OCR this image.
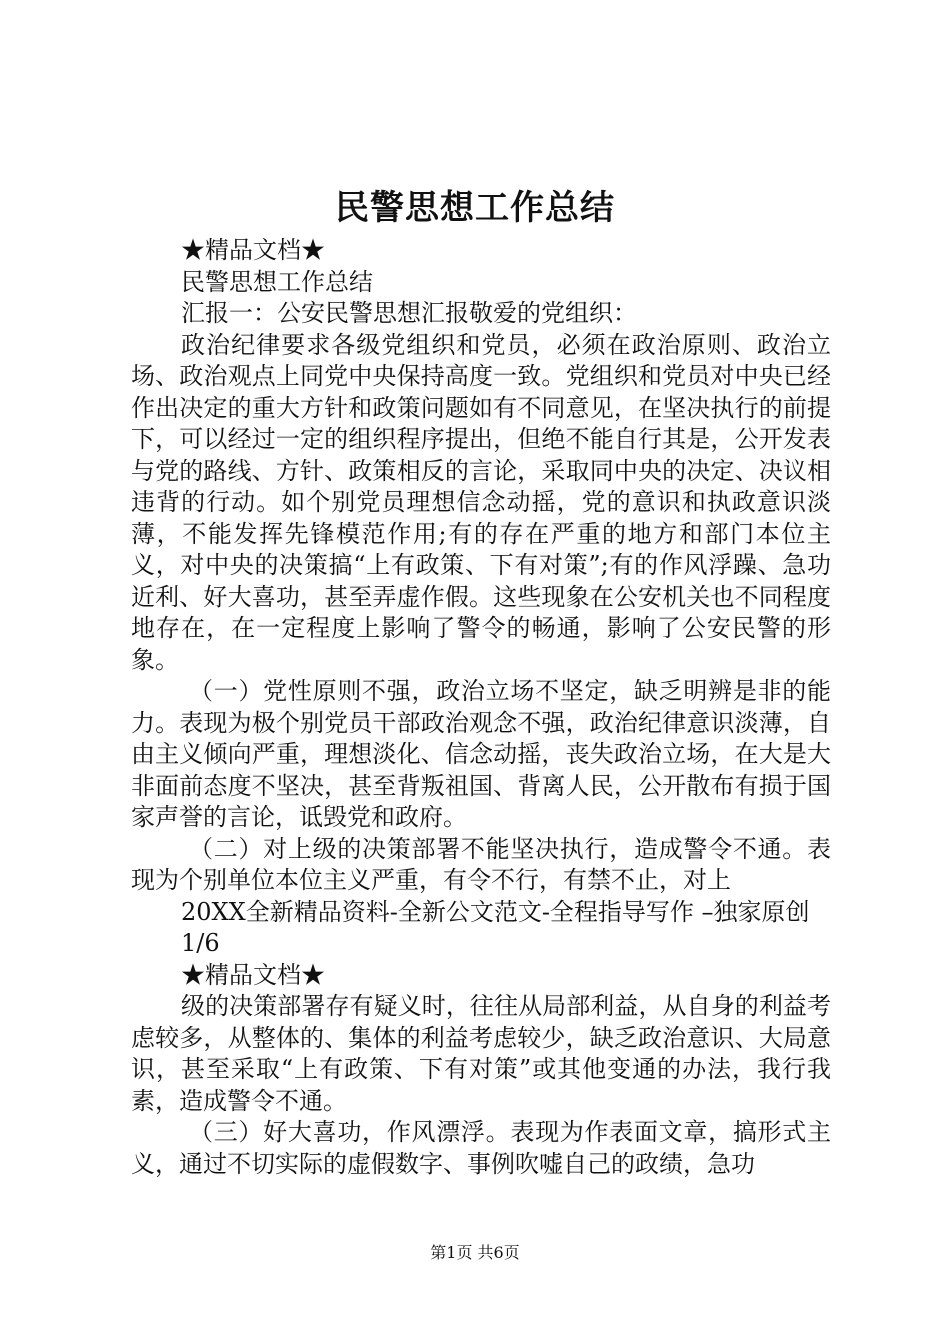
民警思想工作总结

★精品文档★

民警思想工作总结

汇报一：公安民警思想汇报敬爱的党组织：

政治纪律要求各级党组织和党员，必须在政治原则、政治立场、政治观点上同党中央保持高度一致。党组织和党员对中央已经作出决定的重大方针和政策问题如有不同意见，在坚决执行的前提下，可以经过一定的组织程序提出，但绝不能自行其是，公开发表与党的路线、方针、政策相反的言论，采取同中央的决定、决议相违背的行动。如个别党员理想信念动摇，党的意识和执政意识淡薄，不能发挥先锋模范作用;有的存在严重的地方和部门本位主义，对中央的决策搞“上有政策、下有对策”;有的作风浮躁、急功近利、好大喜功，甚至弄虚作假。这些现象在公安机关也不同程度地存在，在一定程度上影响了警令的畅通，影响了公安民警的形象。

（一）党性原则不强，政治立场不坚定，缺乏明辨是非的能力。表现为极个别党员干部政治观念不强，政治纪律意识淡薄，自由主义倾向严重，理想淡化、信念动摇，丧失政治立场，在大是大非面前态度不坚决，甚至背叛祖国、背离人民，公开散布有损于国家声誉的言论，诋毁党和政府。

（二）对上级的决策部署不能坚决执行，造成警令不通。表现为个别单位本位主义严重，有令不行，有禁不止，对上

20XX全新精品资料-全新公文范文-全程指导写作 –独家原创

1/6

★精品文档★

级的决策部署存有疑义时，往往从局部利益，从自身的利益考虑较多，从整体的、集体的利益考虑较少，缺乏政治意识、大局意识，甚至采取“上有政策、下有对策”或其他变通的办法，我行我素，造成警令不通。

（三）好大喜功，作风漂浮。表现为作表面文章，搞形式主义，通过不切实际的虚假数字、事例吹嘘自己的政绩，急功

第1页 共6页
